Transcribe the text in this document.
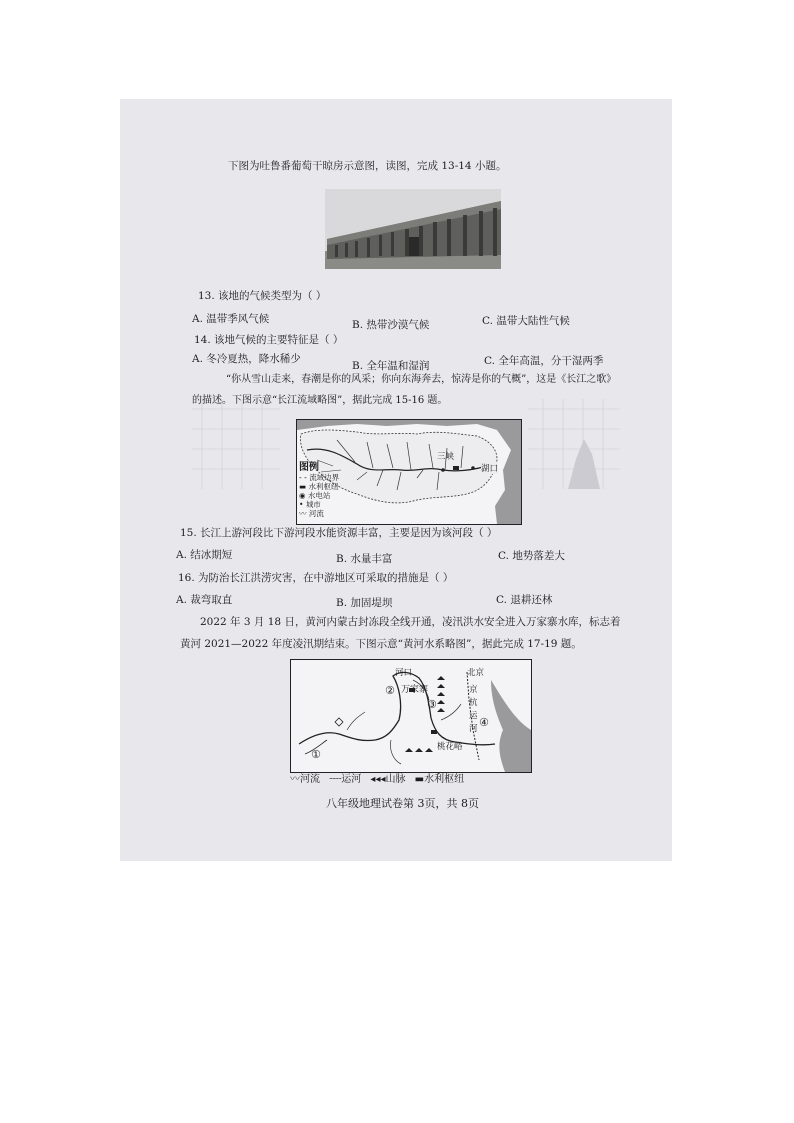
下图为吐鲁番葡萄干晾房示意图，读图，完成 13-14 小题。
13. 该地的气候类型为（ ）
A. 温带季风气候	B. 热带沙漠气候	C. 温带大陆性气候
14. 该地气候的主要特征是（ ）
A. 冬冷夏热，降水稀少
B. 全年温和湿润	C. 全年高温，分干湿两季
“你从雪山走来，春潮是你的风采；你向东海奔去，惊涛是你的气概”，这是《长江之歌》
的描述。下图示意“长江流域略图”，据此完成 15-16 题。
三峡
湖口
图例
- - 流域边界
▬ 水利枢纽
◉ 水电站
• 城市
〰 河流
15. 长江上游河段比下游河段水能资源丰富，主要是因为该河段（ ）
A. 结冰期短	B. 水量丰富	C. 地势落差大
16. 为防治长江洪涝灾害，在中游地区可采取的措施是（ ）
A. 裁弯取直	B. 加固堤坝	C. 退耕还林
2022 年 3 月 18 日，黄河内蒙古封冻段全线开通，凌汛洪水安全进入万家寨水库，标志着
黄河 2021—2022 年度凌汛期结束。下图示意“黄河水系略图”，据此完成 17-19 题。
河口
万家寨
北京
京杭运河
桃花峪
②
③
④
①
〰河流 ┈┈运河 ◂◂◂山脉 ▬水利枢纽
八年级地理试卷第 3页，共 8页
